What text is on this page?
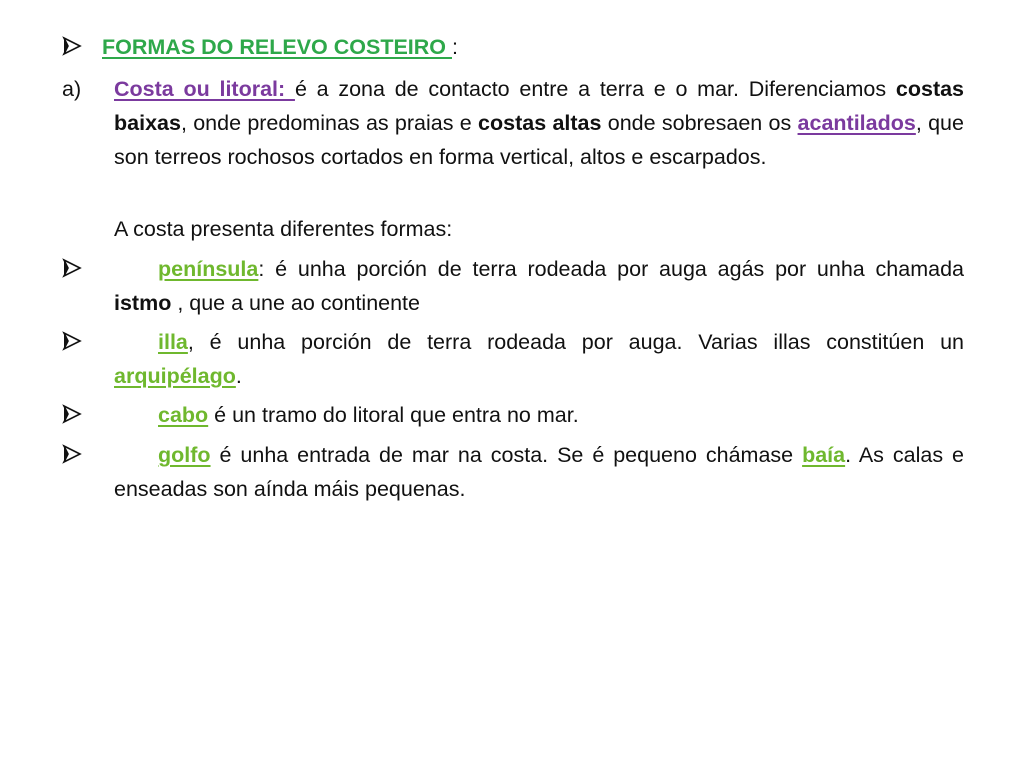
FORMAS DO RELEVO COSTEIRO :
a) Costa ou litoral: é a zona de contacto entre a terra e o mar. Diferenciamos costas baixas, onde predominas as praias e costas altas onde sobresaen os acantilados, que son terreos rochosos cortados en forma vertical, altos e escarpados.
A costa presenta diferentes formas:
península: é unha porción de terra rodeada por auga agás por unha chamada istmo , que a une ao continente
illa, é unha porción de terra rodeada por auga. Varias illas constitúen un arquipélago.
cabo é un tramo do litoral que entra no mar.
golfo é unha entrada de mar na costa. Se é pequeno chámase baía. As calas e enseadas son aínda máis pequenas.
